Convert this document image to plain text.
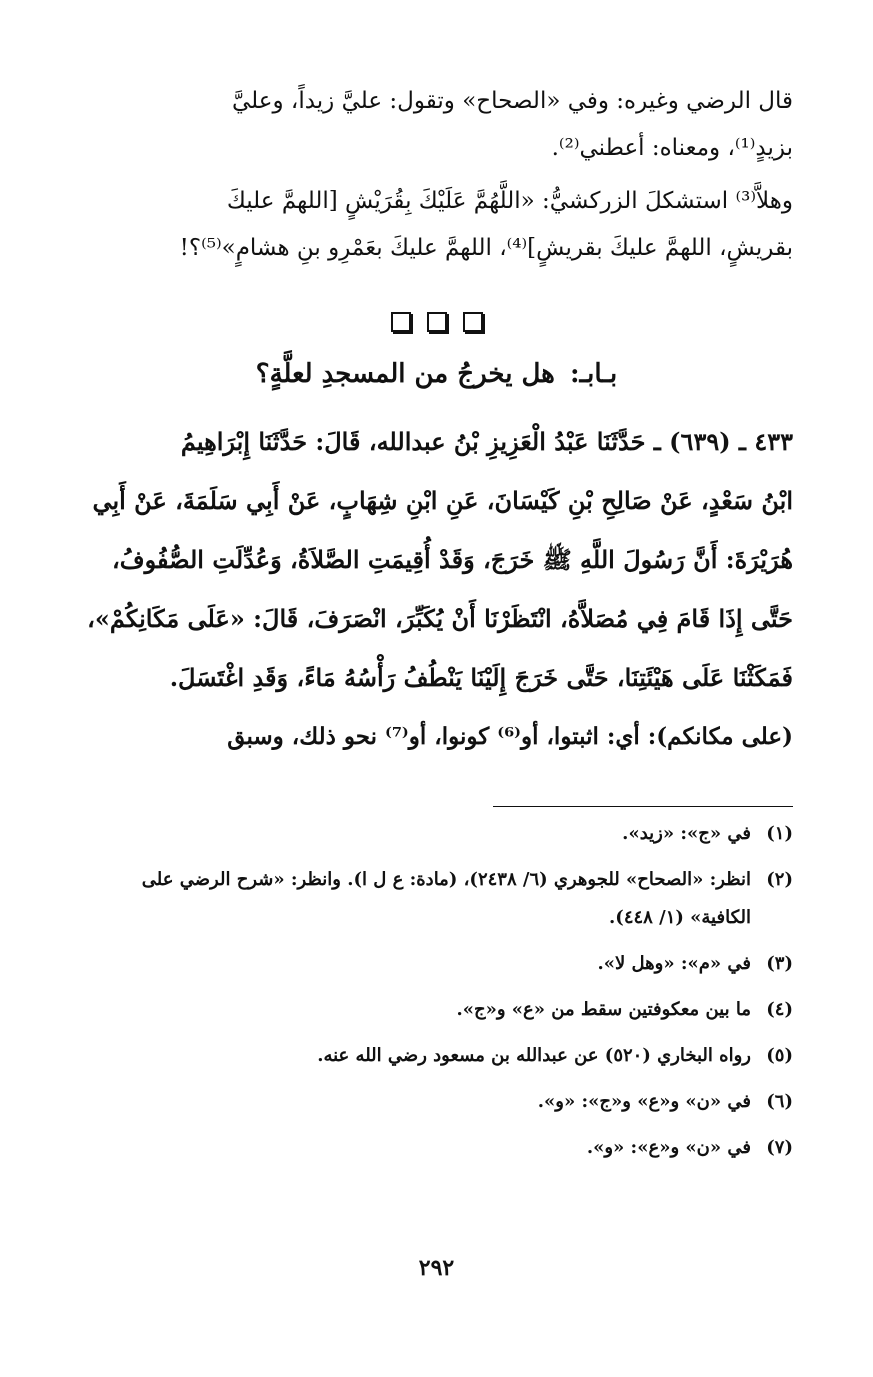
قال الرضي وغيره: وفي «الصحاح» وتقول: عليَّ زيداً، وعليَّ
بزيدٍ⁽¹⁾، ومعناه: أعطني⁽²⁾.

وهلاَّ⁽³⁾ استشكلَ الزركشيُّ: «اللَّهُمَّ عَلَيْكَ بِقُرَيْشٍ [اللهمَّ عليكَ
بقريشٍ، اللهمَّ عليكَ بقريشٍ]⁽⁴⁾، اللهمَّ عليكَ بعَمْرِو بنِ هشامٍ»⁽⁵⁾؟!

بـابـ: هل يخرجُ من المسجدِ لعلَّةٍ؟
٤٣٣ ـ (٦٣٩) ـ حَدَّثَنَا عَبْدُ الْعَزِيزِ بْنُ عبدالله، قَالَ: حَدَّثَنَا إِبْرَاهِيمُ
ابْنُ سَعْدٍ، عَنْ صَالِحِ بْنِ كَيْسَانَ، عَنِ ابْنِ شِهَابٍ، عَنْ أَبِي سَلَمَةَ، عَنْ أَبِي
هُرَيْرَةَ: أَنَّ رَسُولَ اللَّهِ ﷺ خَرَجَ، وَقَدْ أُقِيمَتِ الصَّلاَةُ، وَعُدِّلَتِ الصُّفُوفُ،
حَتَّى إِذَا قَامَ فِي مُصَلاَّهُ، انْتَظَرْنَا أَنْ يُكَبِّرَ، انْصَرَفَ، قَالَ: «عَلَى مَكَانِكُمْ»،
فَمَكَثْنَا عَلَى هَيْئَتِنَا، حَتَّى خَرَجَ إِلَيْنَا يَنْطُفُ رَأْسُهُ مَاءً، وَقَدِ اغْتَسَلَ.

(على مكانكم): أي: اثبتوا، أو⁽⁶⁾ كونوا، أو⁽⁷⁾ نحو ذلك، وسبق

(١)
في «ج»: «زيد».
(٢)
انظر: «الصحاح» للجوهري (٦/ ٢٤٣٨)، (مادة: ع ل ا). وانظر: «شرح الرضي على الكافية» (١/ ٤٤٨).
(٣)
في «م»: «وهل لا».
(٤)
ما بين معكوفتين سقط من «ع» و«ج».
(٥)
رواه البخاري (٥٢٠) عن عبدالله بن مسعود رضي الله عنه.
(٦)
في «ن» و«ع» و«ج»: «و».
(٧)
في «ن» و«ع»: «و».
٢٩٢
